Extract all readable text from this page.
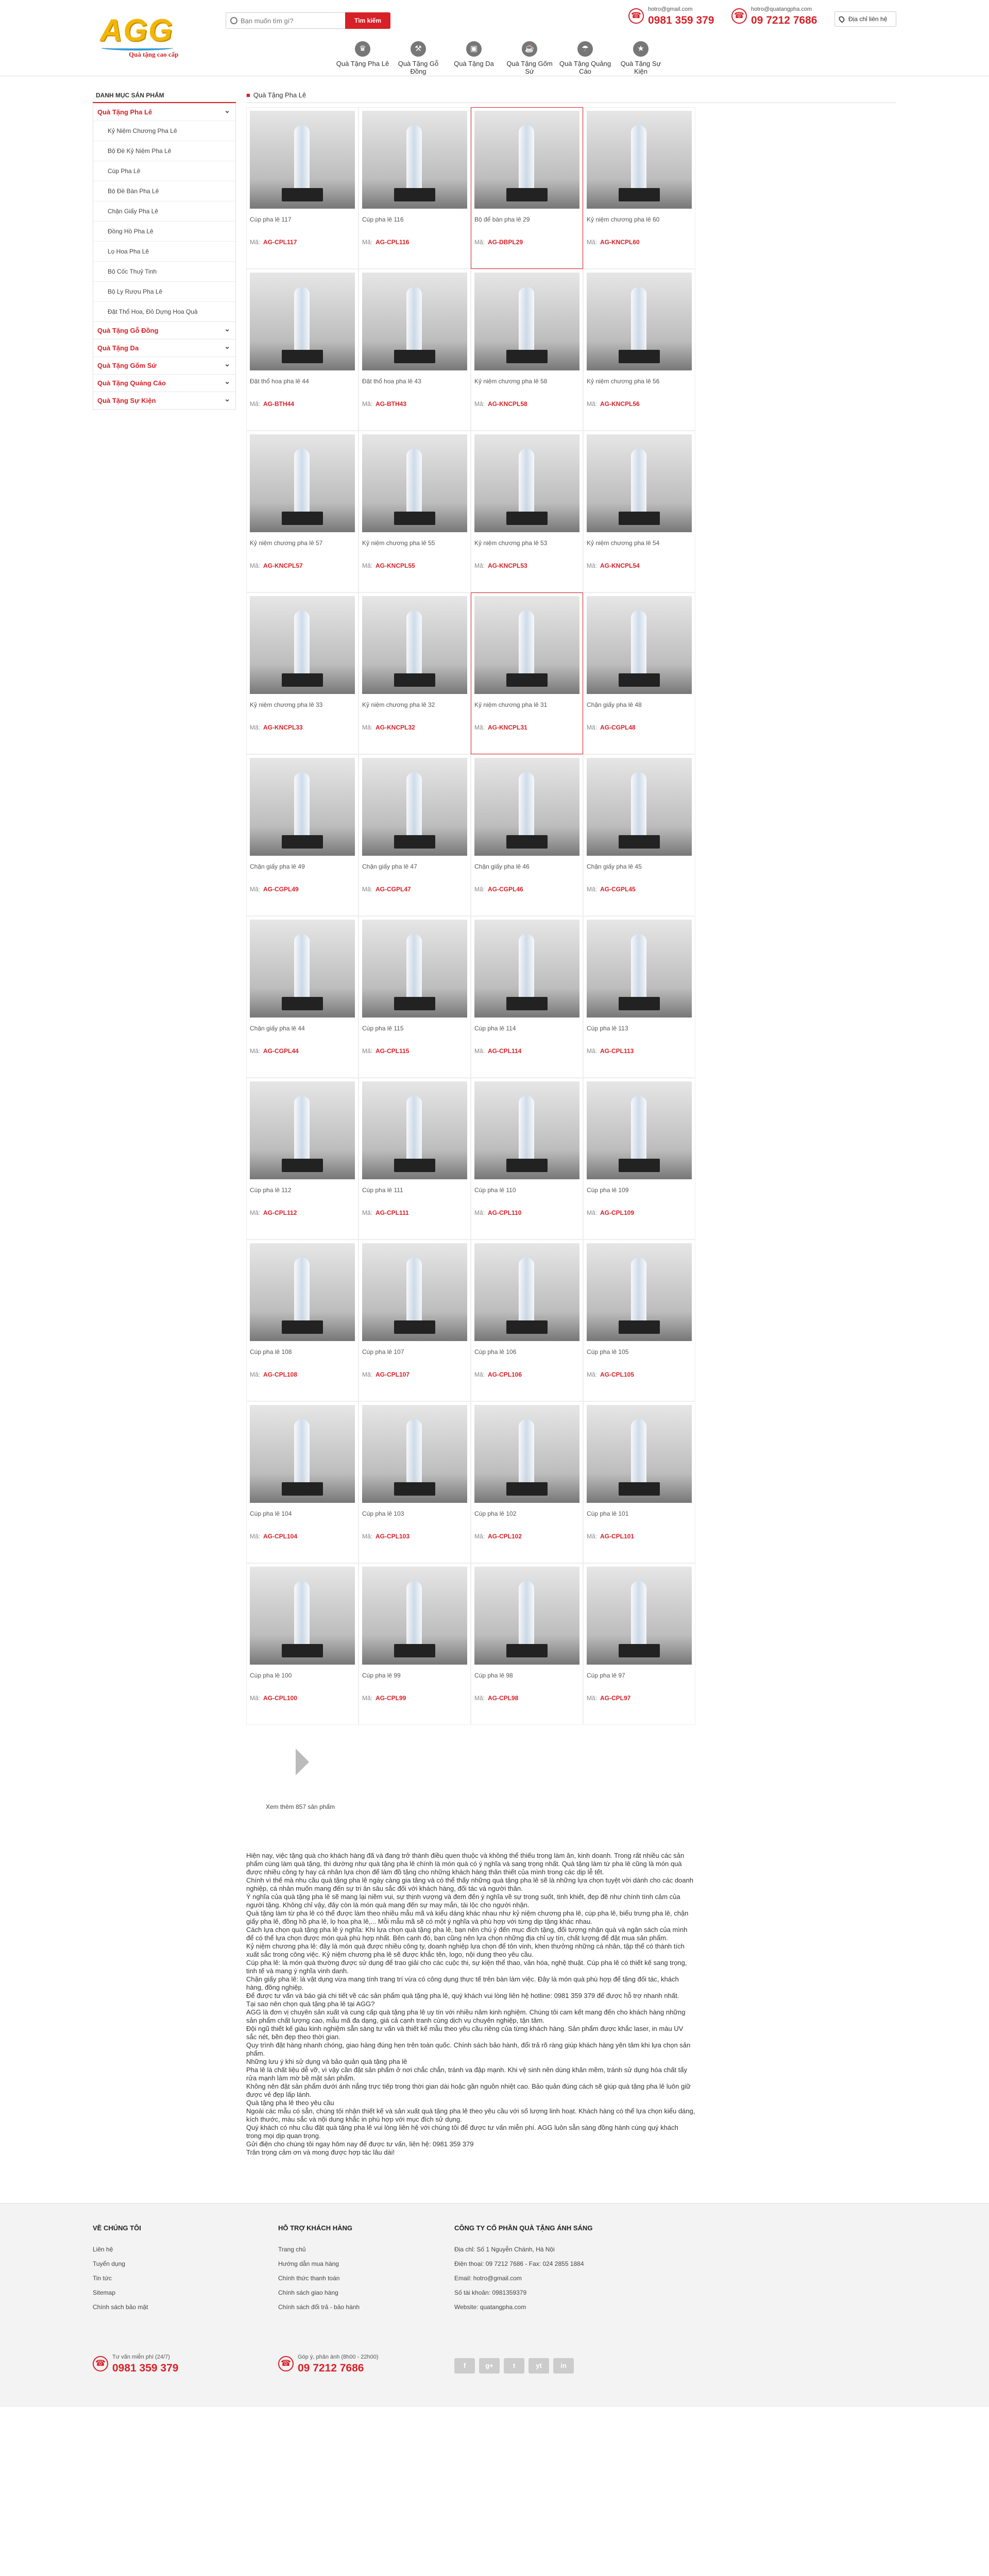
AGG
Quà tặng cao cấp
Bạn muốn tìm gì?
Tìm kiếm
☎
hotro@gmail.com
0981 359 379	☎
hotro@quatangpha.com
09 7212 7686	Địa chỉ liên hệ
♛
Quà Tặng Pha Lê
⚒
Quà Tặng Gỗ Đồng
▣
Quà Tặng Da
☕
Quà Tặng Gốm Sứ
☂
Quà Tặng Quảng Cáo
★
Quà Tặng Sự Kiện
DANH MỤC SẢN PHẨM
Quà Tặng Pha Lê ⌄
Kỷ Niệm Chương Pha Lê
Bộ Đề Kỷ Niệm Pha Lê
Cúp Pha Lê
Bộ Đề Bàn Pha Lê
Chặn Giấy Pha Lê
Đồng Hồ Pha Lê
Lọ Hoa Pha Lê
Bộ Cốc Thuỷ Tinh
Bộ Ly Rượu Pha Lê
Đặt Thổ Hoa, Đỏ Dựng Hoa Quả
Quà Tặng Gỗ Đồng ⌄
Quà Tặng Da ⌄
Quà Tặng Gốm Sứ ⌄
Quà Tặng Quảng Cáo ⌄
Quà Tặng Sự Kiện ⌄
■ Quà Tặng Pha Lê
Cúp pha lê 117
Mã: AG-CPL117
Cúp pha lê 116
Mã: AG-CPL116
Bộ để bàn pha lê 29
Mã: AG-DBPL29
Kỷ niệm chương pha lê 60
Mã: AG-KNCPL60
Đặt thổ hoa pha lê 44
Mã: AG-BTH44
Đặt thổ hoa pha lê 43
Mã: AG-BTH43
Kỷ niệm chương pha lê 58
Mã: AG-KNCPL58
Kỷ niệm chương pha lê 56
Mã: AG-KNCPL56
Kỷ niệm chương pha lê 57
Mã: AG-KNCPL57
Kỷ niệm chương pha lê 55
Mã: AG-KNCPL55
Kỷ niệm chương pha lê 53
Mã: AG-KNCPL53
Kỷ niệm chương pha lê 54
Mã: AG-KNCPL54
Kỷ niệm chương pha lê 33
Mã: AG-KNCPL33
Kỷ niệm chương pha lê 32
Mã: AG-KNCPL32
Kỷ niệm chương pha lê 31
Mã: AG-KNCPL31
Chặn giấy pha lê 48
Mã: AG-CGPL48
Chặn giấy pha lê 49
Mã: AG-CGPL49
Chặn giấy pha lê 47
Mã: AG-CGPL47
Chặn giấy pha lê 46
Mã: AG-CGPL46
Chặn giấy pha lê 45
Mã: AG-CGPL45
Chặn giấy pha lê 44
Mã: AG-CGPL44
Cúp pha lê 115
Mã: AG-CPL115
Cúp pha lê 114
Mã: AG-CPL114
Cúp pha lê 113
Mã: AG-CPL113
Cúp pha lê 112
Mã: AG-CPL112
Cúp pha lê 111
Mã: AG-CPL111
Cúp pha lê 110
Mã: AG-CPL110
Cúp pha lê 109
Mã: AG-CPL109
Cúp pha lê 108
Mã: AG-CPL108
Cúp pha lê 107
Mã: AG-CPL107
Cúp pha lê 106
Mã: AG-CPL106
Cúp pha lê 105
Mã: AG-CPL105
Cúp pha lê 104
Mã: AG-CPL104
Cúp pha lê 103
Mã: AG-CPL103
Cúp pha lê 102
Mã: AG-CPL102
Cúp pha lê 101
Mã: AG-CPL101
Cúp pha lê 100
Mã: AG-CPL100
Cúp pha lê 99
Mã: AG-CPL99
Cúp pha lê 98
Mã: AG-CPL98
Cúp pha lê 97
Mã: AG-CPL97
Xem thêm 857 sản phẩm

Hiện nay, việc tặng quà cho khách hàng đã và đang trở thành điều quen thuộc và không thể thiếu trong làm ăn, kinh doanh. Trong rất nhiều các sản phẩm cùng làm quà tặng, thì dường như quà tặng pha lê chính là món quà có ý nghĩa và sang trọng nhất. Quà tặng làm từ pha lê cũng là món quà được nhiều công ty hay cá nhân lựa chọn để làm đồ tặng cho những khách hàng thân thiết của mình trong các dịp lễ tết.

Chính vì thế mà nhu cầu quà tặng pha lê ngày càng gia tăng và có thể thấy những quà tặng pha lê sẽ là những lựa chọn tuyệt vời dành cho các doanh nghiệp, cá nhân muốn mang đến sự tri ân sâu sắc đối với khách hàng, đối tác và người thân.

Ý nghĩa của quà tặng pha lê sẽ mang lại niềm vui, sự thịnh vượng và đem đến ý nghĩa về sự trong suốt, tinh khiết, đẹp đẽ như chính tình cảm của người tặng. Không chỉ vậy, đây còn là món quà mang đến sự may mắn, tài lộc cho người nhận.

Quà tặng làm từ pha lê có thể được làm theo nhiều mẫu mã và kiểu dáng khác nhau như kỷ niệm chương pha lê, cúp pha lê, biểu trưng pha lê, chặn giấy pha lê, đồng hồ pha lê, lọ hoa pha lê,... Mỗi mẫu mã sẽ có một ý nghĩa và phù hợp với từng dịp tặng khác nhau.

Cách lựa chọn quà tặng pha lê ý nghĩa: Khi lựa chọn quà tặng pha lê, bạn nên chú ý đến mục đích tặng, đối tượng nhận quà và ngân sách của mình để có thể lựa chọn được món quà phù hợp nhất. Bên cạnh đó, bạn cũng nên lựa chọn những địa chỉ uy tín, chất lượng để đặt mua sản phẩm.

Kỷ niệm chương pha lê: đây là món quà được nhiều công ty, doanh nghiệp lựa chọn để tôn vinh, khen thưởng những cá nhân, tập thể có thành tích xuất sắc trong công việc. Kỷ niệm chương pha lê sẽ được khắc tên, logo, nội dung theo yêu cầu.

Cúp pha lê: là món quà thường được sử dụng để trao giải cho các cuộc thi, sự kiện thể thao, văn hóa, nghệ thuật. Cúp pha lê có thiết kế sang trọng, tinh tế và mang ý nghĩa vinh danh.

Chặn giấy pha lê: là vật dụng vừa mang tính trang trí vừa có công dụng thực tế trên bàn làm việc. Đây là món quà phù hợp để tặng đối tác, khách hàng, đồng nghiệp.

Để được tư vấn và báo giá chi tiết về các sản phẩm quà tặng pha lê, quý khách vui lòng liên hệ hotline: 0981 359 379 để được hỗ trợ nhanh nhất.

Tại sao nên chọn quà tặng pha lê tại AGG?

AGG là đơn vị chuyên sản xuất và cung cấp quà tặng pha lê uy tín với nhiều năm kinh nghiệm. Chúng tôi cam kết mang đến cho khách hàng những sản phẩm chất lượng cao, mẫu mã đa dạng, giá cả cạnh tranh cùng dịch vụ chuyên nghiệp, tận tâm.

Đội ngũ thiết kế giàu kinh nghiệm sẵn sàng tư vấn và thiết kế mẫu theo yêu cầu riêng của từng khách hàng. Sản phẩm được khắc laser, in màu UV sắc nét, bền đẹp theo thời gian.

Quy trình đặt hàng nhanh chóng, giao hàng đúng hẹn trên toàn quốc. Chính sách bảo hành, đổi trả rõ ràng giúp khách hàng yên tâm khi lựa chọn sản phẩm.

Những lưu ý khi sử dụng và bảo quản quà tặng pha lê

Pha lê là chất liệu dễ vỡ, vì vậy cần đặt sản phẩm ở nơi chắc chắn, tránh va đập mạnh. Khi vệ sinh nên dùng khăn mềm, tránh sử dụng hóa chất tẩy rửa mạnh làm mờ bề mặt sản phẩm.

Không nên đặt sản phẩm dưới ánh nắng trực tiếp trong thời gian dài hoặc gần nguồn nhiệt cao. Bảo quản đúng cách sẽ giúp quà tặng pha lê luôn giữ được vẻ đẹp lấp lánh.

Quà tặng pha lê theo yêu cầu

Ngoài các mẫu có sẵn, chúng tôi nhận thiết kế và sản xuất quà tặng pha lê theo yêu cầu với số lượng linh hoạt. Khách hàng có thể lựa chọn kiểu dáng, kích thước, màu sắc và nội dung khắc in phù hợp với mục đích sử dụng.

Quý khách có nhu cầu đặt quà tặng pha lê vui lòng liên hệ với chúng tôi để được tư vấn miễn phí. AGG luôn sẵn sàng đồng hành cùng quý khách trong mọi dịp quan trọng.

Gửi điện cho chúng tôi ngay hôm nay để được tư vấn, liên hệ: 0981 359 379

Trân trọng cảm ơn và mong được hợp tác lâu dài!

VỀ CHÚNG TÔI
Liên hệ
Tuyển dụng
Tin tức
Sitemap
Chính sách bảo mật
HỖ TRỢ KHÁCH HÀNG
Trang chủ
Hướng dẫn mua hàng
Chính thức thanh toán
Chính sách giao hàng
Chính sách đổi trả - bảo hành
CÔNG TY CỔ PHẦN QUÀ TẶNG ÁNH SÁNG
Địa chỉ: Số 1 Nguyễn Chánh, Hà Nội
Điện thoại: 09 7212 7686 - Fax: 024 2855 1884
Email: hotro@gmail.com
Số tài khoản: 0981359379
Website: quatangpha.com
☎
Tư vấn miễn phí (24/7)
0981 359 379	☎
Góp ý, phản ánh (8h00 - 22h00)
09 7212 7686	f	g+	t	yt	in
